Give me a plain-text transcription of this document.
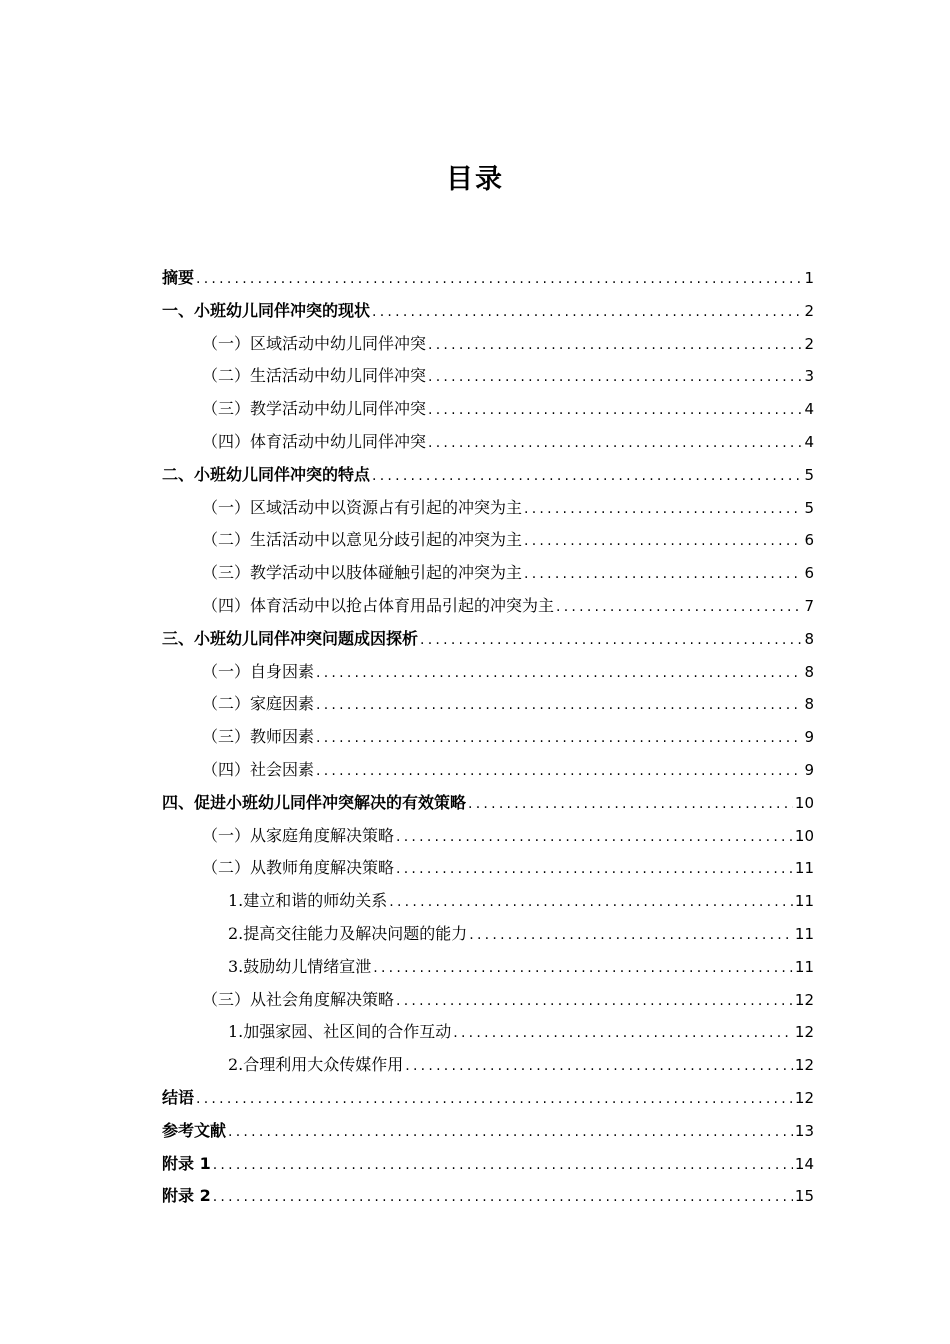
目录
摘要 . . .	1
一、小班幼儿同伴冲突的现状 . . .	2
（一）区域活动中幼儿同伴冲突 . . .	2
（二）生活活动中幼儿同伴冲突 . . .	3
（三）教学活动中幼儿同伴冲突 . . .	4
（四）体育活动中幼儿同伴冲突 . . .	4
二、小班幼儿同伴冲突的特点 . . .	5
（一）区域活动中以资源占有引起的冲突为主 . . .	5
（二）生活活动中以意见分歧引起的冲突为主 . . .	6
（三）教学活动中以肢体碰触引起的冲突为主 . . .	6
（四）体育活动中以抢占体育用品引起的冲突为主 . . .	7
三、小班幼儿同伴冲突问题成因探析 . . .	8
（一）自身因素 . . .	8
（二）家庭因素 . . .	8
（三）教师因素 . . .	9
（四）社会因素 . . .	9
四、促进小班幼儿同伴冲突解决的有效策略 . . .	10
（一）从家庭角度解决策略 . . .	10
（二）从教师角度解决策略 . . .	11
1.建立和谐的师幼关系 . . .	11
2.提高交往能力及解决问题的能力 . . .	11
3.鼓励幼儿情绪宣泄 . . .	11
（三）从社会角度解决策略 . . .	12
1.加强家园、社区间的合作互动 . . .	12
2.合理利用大众传媒作用 . . .	12
结语 . . .	12
参考文献 . . .	13
附录 1 . . .	14
附录 2 . . .	15
